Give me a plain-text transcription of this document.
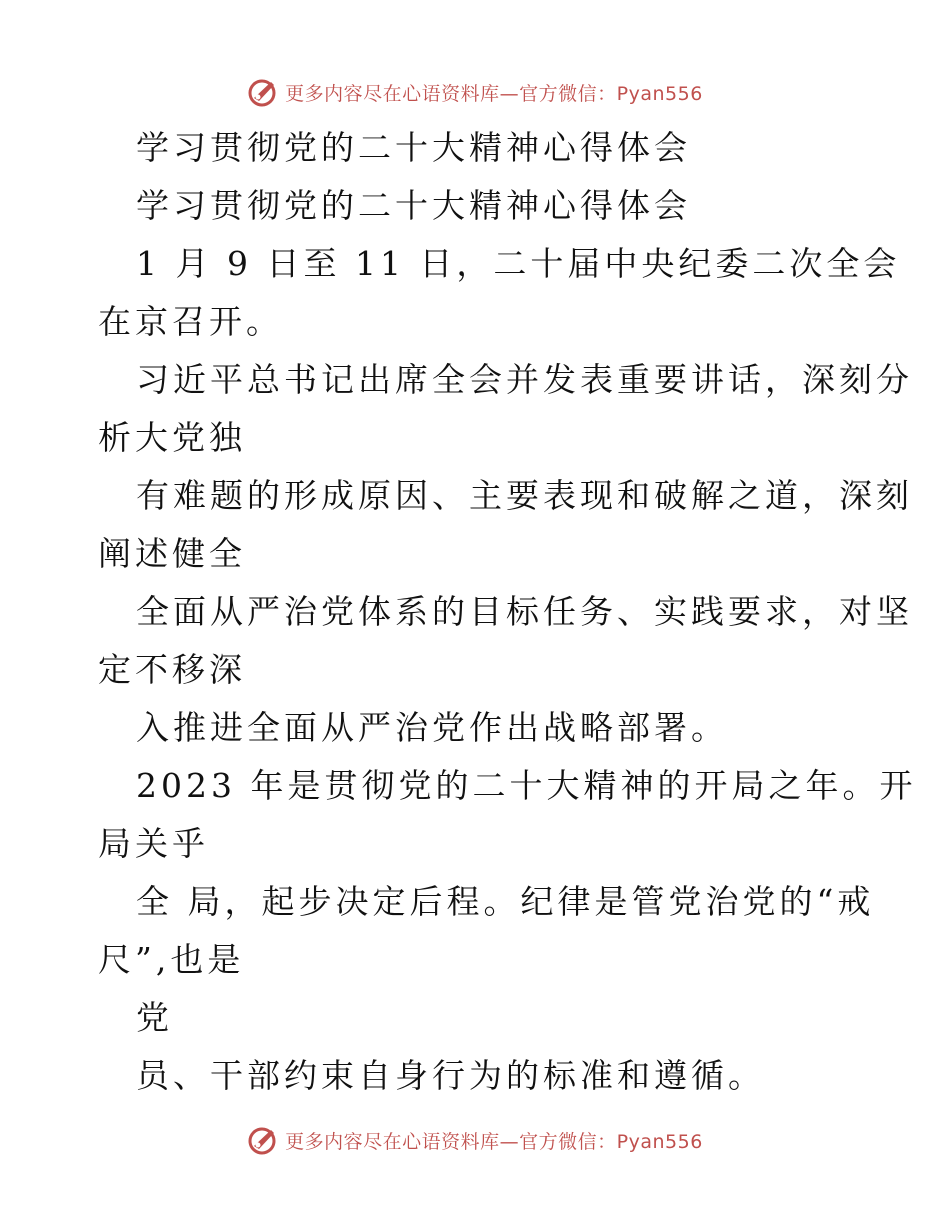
更多内容尽在心语资料库—官方微信：Pyan556
学习贯彻党的二十大精神心得体会
学习贯彻党的二十大精神心得体会
1 月 9 日至 11 日，二十届中央纪委二次全会
在京召开。
习近平总书记出席全会并发表重要讲话，深刻分
析大党独
有难题的形成原因、主要表现和破解之道，深刻
阐述健全
全面从严治党体系的目标任务、实践要求，对坚
定不移深
入推进全面从严治党作出战略部署。
2023 年是贯彻党的二十大精神的开局之年。开
局关乎
全 局，起步决定后程。纪律是管党治党的“戒
尺”,也是
党
员、干部约束自身行为的标准和遵循。
更多内容尽在心语资料库—官方微信：Pyan556
